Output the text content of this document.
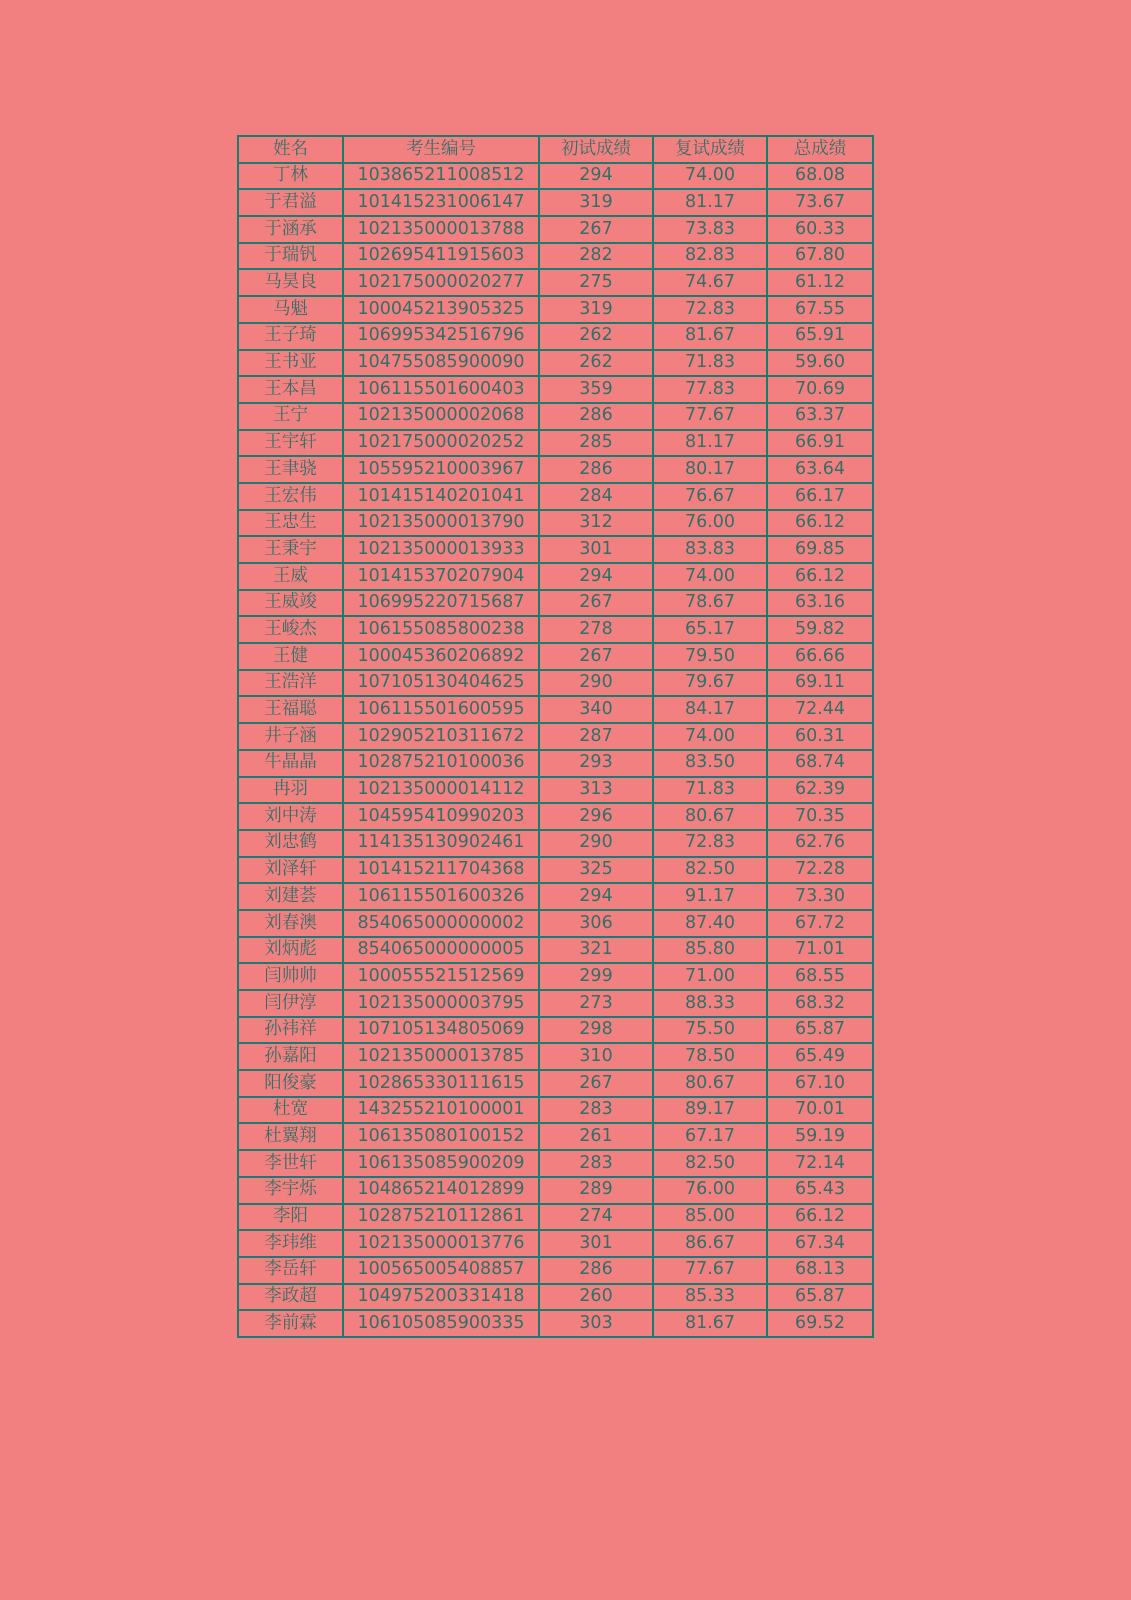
姓名	考生编号	初试成绩	复试成绩	总成绩
丁林	103865211008512	294	74.00	68.08
于君溢	101415231006147	319	81.17	73.67
于涵承	102135000013788	267	73.83	60.33
于瑞钒	102695411915603	282	82.83	67.80
马昊良	102175000020277	275	74.67	61.12
马魁	100045213905325	319	72.83	67.55
王子琦	106995342516796	262	81.67	65.91
王书亚	104755085900090	262	71.83	59.60
王本昌	106115501600403	359	77.83	70.69
王宁	102135000002068	286	77.67	63.37
王宇轩	102175000020252	285	81.17	66.91
王聿骁	105595210003967	286	80.17	63.64
王宏伟	101415140201041	284	76.67	66.17
王忠生	102135000013790	312	76.00	66.12
王秉宇	102135000013933	301	83.83	69.85
王威	101415370207904	294	74.00	66.12
王威竣	106995220715687	267	78.67	63.16
王峻杰	106155085800238	278	65.17	59.82
王健	100045360206892	267	79.50	66.66
王浩洋	107105130404625	290	79.67	69.11
王福聪	106115501600595	340	84.17	72.44
井子涵	102905210311672	287	74.00	60.31
牛晶晶	102875210100036	293	83.50	68.74
冉羽	102135000014112	313	71.83	62.39
刘中涛	104595410990203	296	80.67	70.35
刘忠鹤	114135130902461	290	72.83	62.76
刘泽轩	101415211704368	325	82.50	72.28
刘建荟	106115501600326	294	91.17	73.30
刘春澳	854065000000002	306	87.40	67.72
刘炳彪	854065000000005	321	85.80	71.01
闫帅帅	100055521512569	299	71.00	68.55
闫伊淳	102135000003795	273	88.33	68.32
孙祎祥	107105134805069	298	75.50	65.87
孙嘉阳	102135000013785	310	78.50	65.49
阳俊豪	102865330111615	267	80.67	67.10
杜宽	143255210100001	283	89.17	70.01
杜翼翔	106135080100152	261	67.17	59.19
李世轩	106135085900209	283	82.50	72.14
李宇烁	104865214012899	289	76.00	65.43
李阳	102875210112861	274	85.00	66.12
李玮维	102135000013776	301	86.67	67.34
李岳轩	100565005408857	286	77.67	68.13
李政超	104975200331418	260	85.33	65.87
李前霖	106105085900335	303	81.67	69.52
